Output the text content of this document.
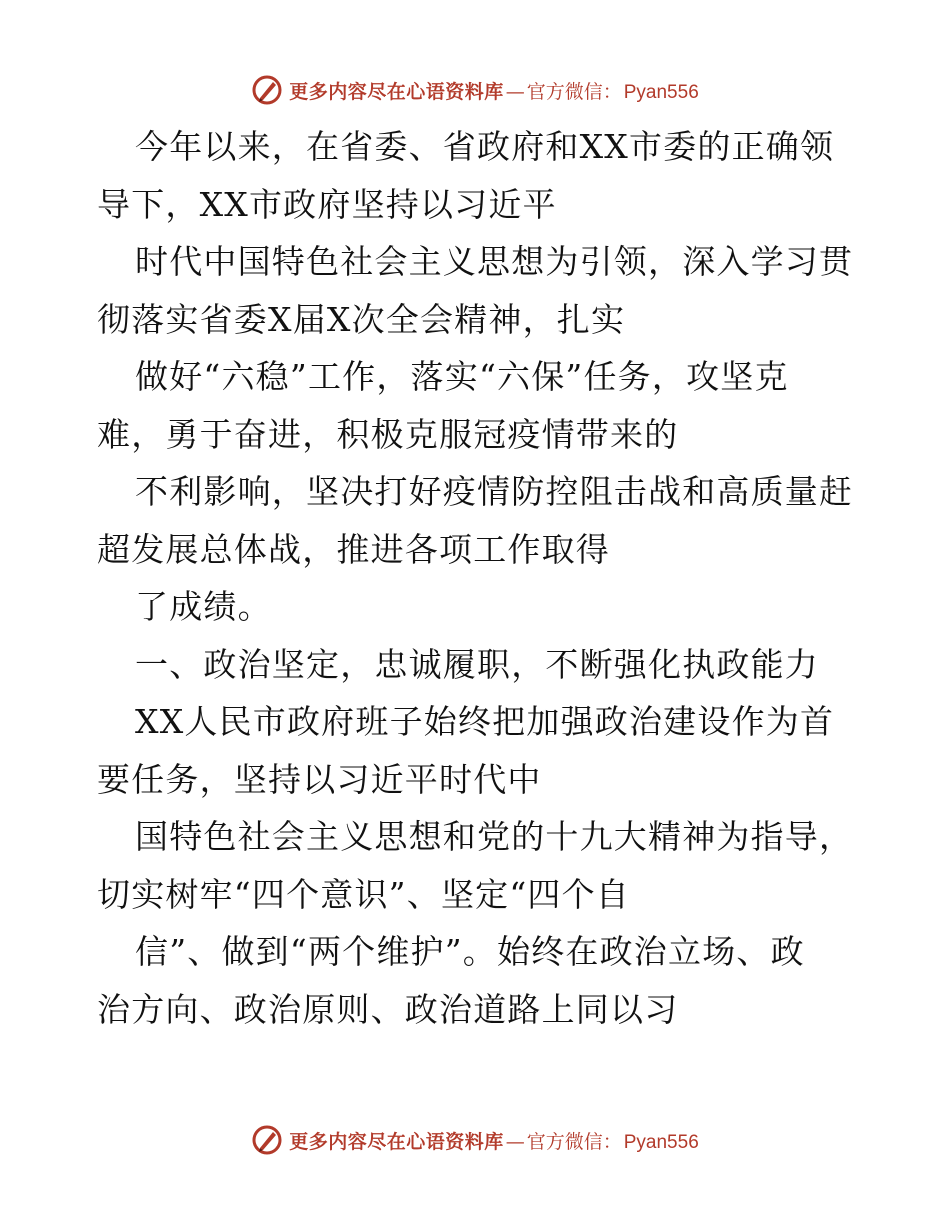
更多内容尽在心语资料库 — 官方微信： Pyan556
今年以来，在省委、省政府和XX市委的正确领
导下，XX市政府坚持以习近平
时代中国特色社会主义思想为引领，深入学习贯
彻落实省委X届X次全会精神，扎实
做好“六稳”工作，落实“六保”任务，攻坚克
难，勇于奋进，积极克服冠疫情带来的
不利影响，坚决打好疫情防控阻击战和高质量赶
超发展总体战，推进各项工作取得
了成绩。
一、政治坚定，忠诚履职，不断强化执政能力
XX人民市政府班子始终把加强政治建设作为首
要任务，坚持以习近平时代中
国特色社会主义思想和党的十九大精神为指导，
切实树牢“四个意识”、坚定“四个自
信”、做到“两个维护”。始终在政治立场、政
治方向、政治原则、政治道路上同以习
更多内容尽在心语资料库 — 官方微信： Pyan556
